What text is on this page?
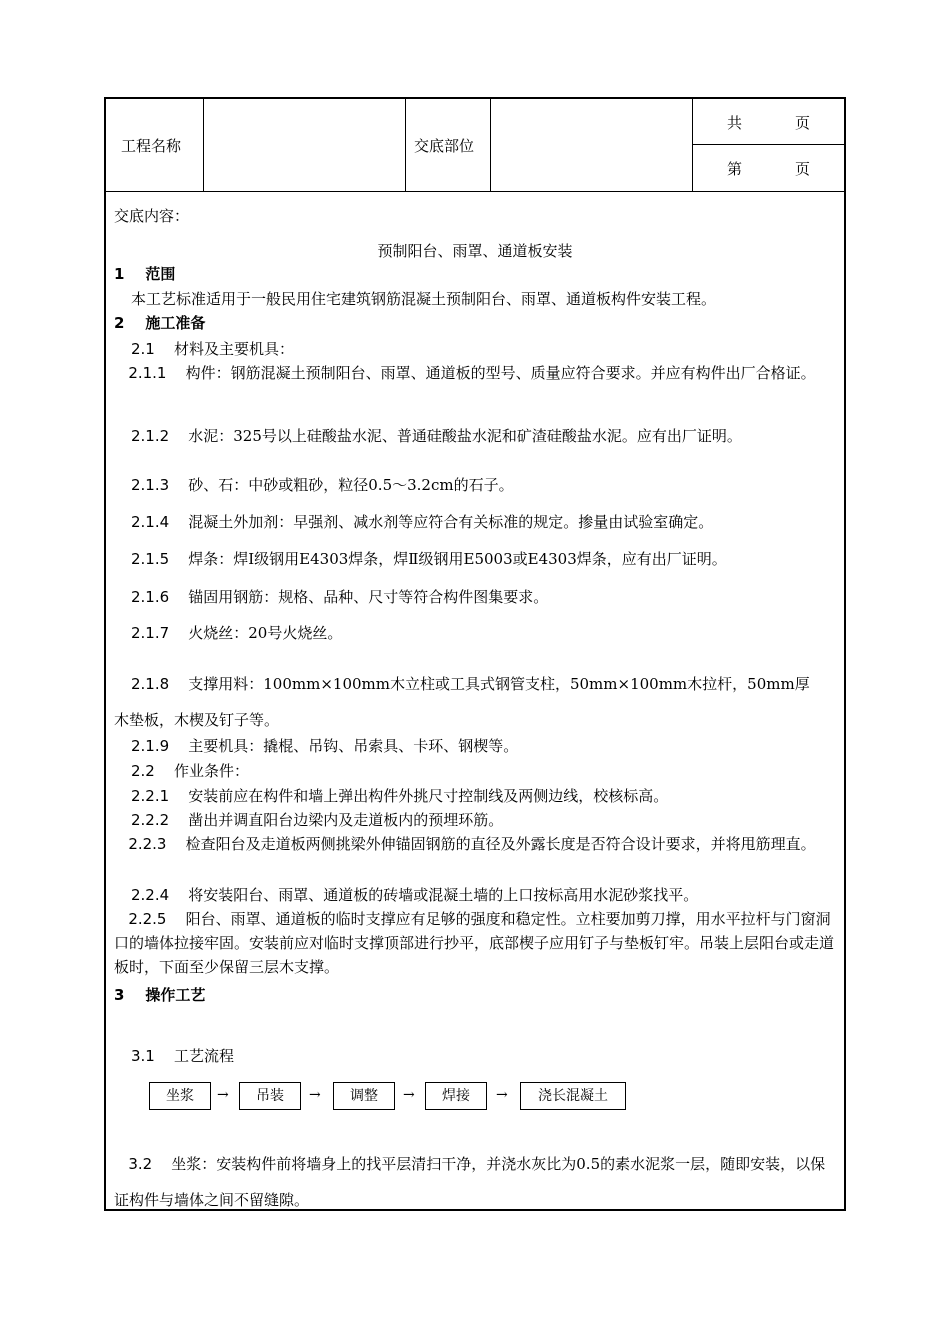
工程名称	交底部位
共	页
第	页
交底内容：
预制阳台、雨罩、通道板安装
1 范围
本工艺标准适用于一般民用住宅建筑钢筋混凝土预制阳台、雨罩、通道板构件安装工程。
2 施工准备
2.1 材料及主要机具：
2.1.1 构件：钢筋混凝土预制阳台、雨罩、通道板的型号、质量应符合要求。并应有构件出厂合格证。
2.1.2 水泥：325号以上硅酸盐水泥、普通硅酸盐水泥和矿渣硅酸盐水泥。应有出厂证明。
2.1.3 砂、石：中砂或粗砂，粒径0.5～3.2cm的石子。
2.1.4 混凝土外加剂：早强剂、减水剂等应符合有关标准的规定。掺量由试验室确定。
2.1.5 焊条：焊Ⅰ级钢用E4303焊条，焊Ⅱ级钢用E5003或E4303焊条，应有出厂证明。
2.1.6 锚固用钢筋：规格、品种、尺寸等符合构件图集要求。
2.1.7 火烧丝：20号火烧丝。
2.1.8 支撑用料：100mm×100mm木立柱或工具式钢管支柱，50mm×100mm木拉杆，50mm厚
木垫板，木楔及钉子等。
2.1.9 主要机具：撬棍、吊钩、吊索具、卡环、钢楔等。
2.2 作业条件：
2.2.1 安装前应在构件和墙上弹出构件外挑尺寸控制线及两侧边线，校核标高。
2.2.2 凿出并调直阳台边梁内及走道板内的预埋环筋。
2.2.3 检查阳台及走道板两侧挑梁外伸锚固钢筋的直径及外露长度是否符合设计要求，并将甩筋理直。
2.2.4 将安装阳台、雨罩、通道板的砖墙或混凝土墙的上口按标高用水泥砂浆找平。
2.2.5 阳台、雨罩、通道板的临时支撑应有足够的强度和稳定性。立柱要加剪刀撑，用水平拉杆与门窗洞口的墙体拉接牢固。安装前应对临时支撑顶部进行抄平，底部楔子应用钉子与垫板钉牢。吊装上层阳台或走道板时，下面至少保留三层木支撑。
3 操作工艺
3.1 工艺流程
坐浆	→	吊装	→	调整	→	焊接	→	浇长混凝土
3.2 坐浆：安装构件前将墙身上的找平层清扫干净，并浇水灰比为0.5的素水泥浆一层，随即安装，以保证构件与墙体之间不留缝隙。
